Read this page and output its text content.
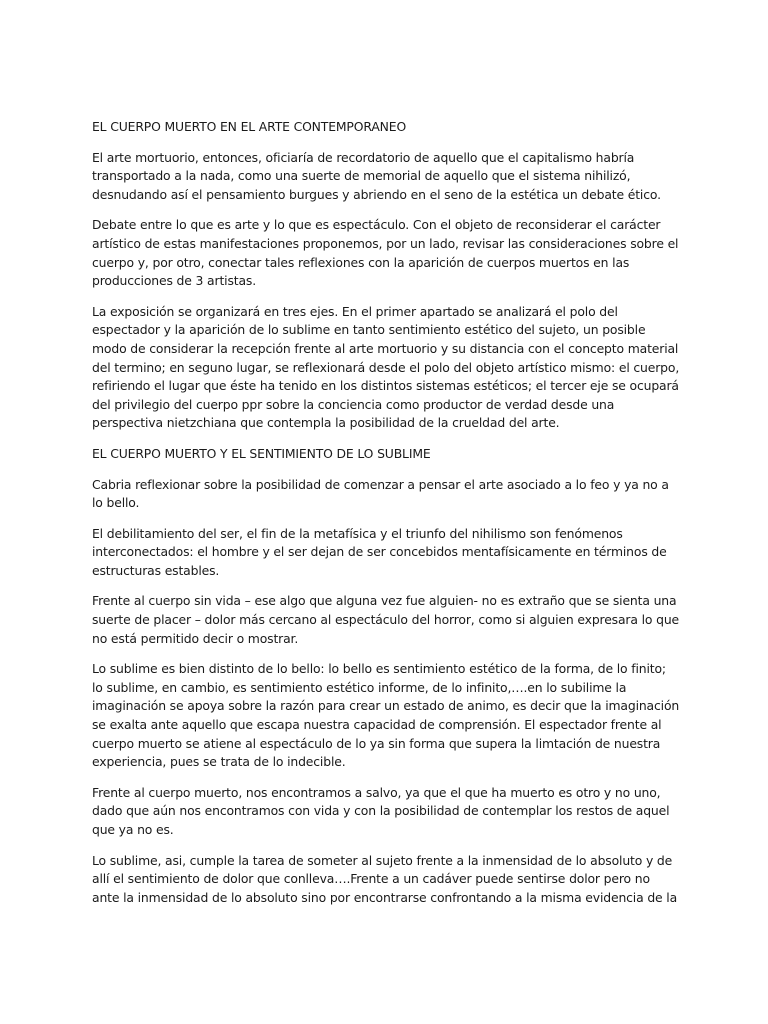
EL CUERPO MUERTO EN EL ARTE CONTEMPORANEO

El arte mortuorio, entonces, oficiaría de recordatorio de aquello que el capitalismo habría transportado a la nada, como una suerte de memorial de aquello que el sistema nihilizó, desnudando así el pensamiento burgues y abriendo en el seno de la estética un debate ético.

Debate entre lo que es arte y lo que es espectáculo. Con el objeto de reconsiderar el carácter artístico de estas manifestaciones proponemos, por un lado, revisar las consideraciones sobre el cuerpo y, por otro, conectar tales reflexiones con la aparición de cuerpos muertos en las producciones de 3 artistas.

La exposición se organizará en tres ejes. En el primer apartado se analizará el polo del espectador y la aparición de lo sublime en tanto sentimiento estético del sujeto, un posible modo de considerar la recepción frente al arte mortuorio y su distancia con el concepto material del termino; en seguno lugar, se reflexionará desde el polo del objeto artístico mismo: el cuerpo, refiriendo el lugar que éste ha tenido en los distintos sistemas estéticos; el tercer eje se ocupará del privilegio del cuerpo ppr sobre la conciencia como productor de verdad desde una perspectiva nietzchiana que contempla la posibilidad de la crueldad del arte.

EL CUERPO MUERTO Y EL SENTIMIENTO DE LO SUBLIME

Cabria reflexionar sobre la posibilidad de comenzar a pensar el arte asociado a lo feo y ya no a lo bello.

El debilitamiento del ser, el fin de la metafísica y el triunfo del nihilismo son fenómenos interconectados: el hombre y el ser dejan de ser concebidos mentafísicamente en términos de estructuras estables.

Frente al cuerpo sin vida – ese algo que alguna vez fue alguien- no es extraño que se sienta una suerte de placer – dolor más cercano al espectáculo del horror, como si alguien expresara lo que no está permitido decir o mostrar.

Lo sublime es bien distinto de lo bello: lo bello es sentimiento estético de la forma, de lo finito; lo sublime, en cambio, es sentimiento estético informe, de lo infinito,….en lo subilime la imaginación se apoya sobre la razón para crear un estado de animo, es decir que la imaginación se exalta ante aquello que escapa nuestra capacidad de comprensión. El espectador frente al cuerpo muerto se atiene al espectáculo de lo ya sin forma que supera la limtación de nuestra experiencia, pues se trata de lo indecible.

Frente al cuerpo muerto, nos encontramos a salvo, ya que el que ha muerto es otro y no uno, dado que aún nos encontramos con vida y con la posibilidad de contemplar los restos de aquel que ya no es.

Lo sublime, asi, cumple la tarea de someter al sujeto frente a la inmensidad de lo absoluto y de allí el sentimiento de dolor que conlleva….Frente a un cadáver puede sentirse dolor pero no ante la inmensidad de lo absoluto sino por encontrarse confrontando a la misma evidencia de la
